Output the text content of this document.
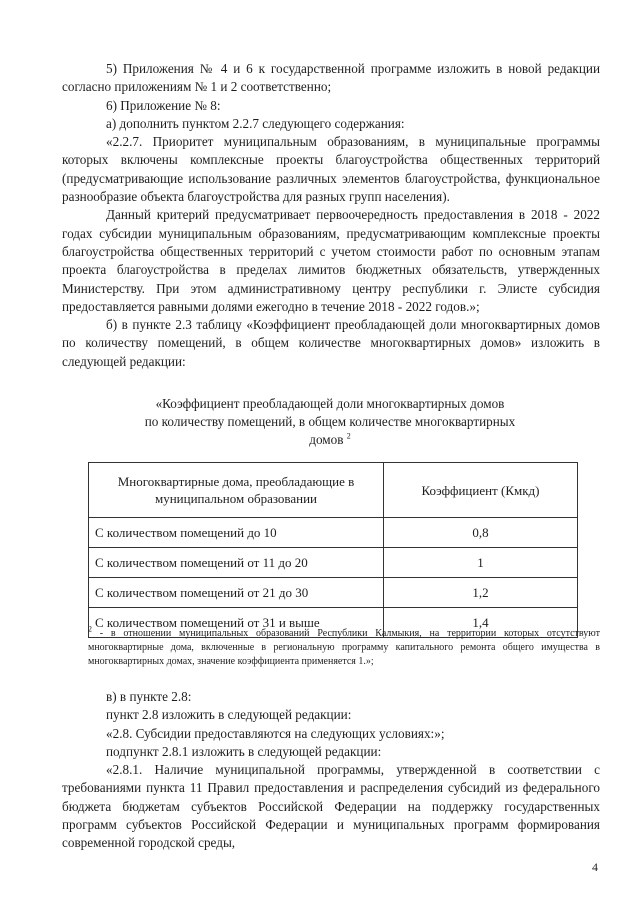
5) Приложения № 4 и 6 к государственной программе изложить в новой редакции согласно приложениям № 1 и 2 соответственно;

6) Приложение № 8:

а) дополнить пунктом 2.2.7 следующего содержания:

«2.2.7. Приоритет муниципальным образованиям, в муниципальные программы которых включены комплексные проекты благоустройства общественных территорий (предусматривающие использование различных элементов благоустройства, функциональное разнообразие объекта благоустройства для разных групп населения).

Данный критерий предусматривает первоочередность предоставления в 2018 - 2022 годах субсидии муниципальным образованиям, предусматривающим комплексные проекты благоустройства общественных территорий с учетом стоимости работ по основным этапам проекта благоустройства в пределах лимитов бюджетных обязательств, утвержденных Министерству. При этом административному центру республики г. Элисте субсидия предоставляется равными долями ежегодно в течение 2018 - 2022 годов.»;

б) в пункте 2.3 таблицу «Коэффициент преобладающей доли многоквартирных домов по количеству помещений, в общем количестве многоквартирных домов» изложить в следующей редакции:

«Коэффициент преобладающей доли многоквартирных домов

по количеству помещений, в общем количестве многоквартирных

домов $^2$

Многоквартирные дома, преобладающие в муниципальном образовании	Коэффициент (Кмкд)
С количеством помещений до 10	0,8
С количеством помещений от 11 до 20	1
С количеством помещений от 21 до 30	1,2
С количеством помещений от 31 и выше	1,4

$^2$ - в отношении муниципальных образований Республики Калмыкия, на территории которых отсутствуют многоквартирные дома, включенные в региональную программу капитального ремонта общего имущества в многоквартирных домах, значение коэффициента применяется 1.»;

в) в пункте 2.8:

пункт 2.8 изложить в следующей редакции:

«2.8. Субсидии предоставляются на следующих условиях:»;

подпункт 2.8.1 изложить в следующей редакции:

«2.8.1. Наличие муниципальной программы, утвержденной в соответствии с требованиями пункта 11 Правил предоставления и распределения субсидий из федерального бюджета бюджетам субъектов Российской Федерации на поддержку государственных программ субъектов Российской Федерации и муниципальных программ формирования современной городской среды,

4
